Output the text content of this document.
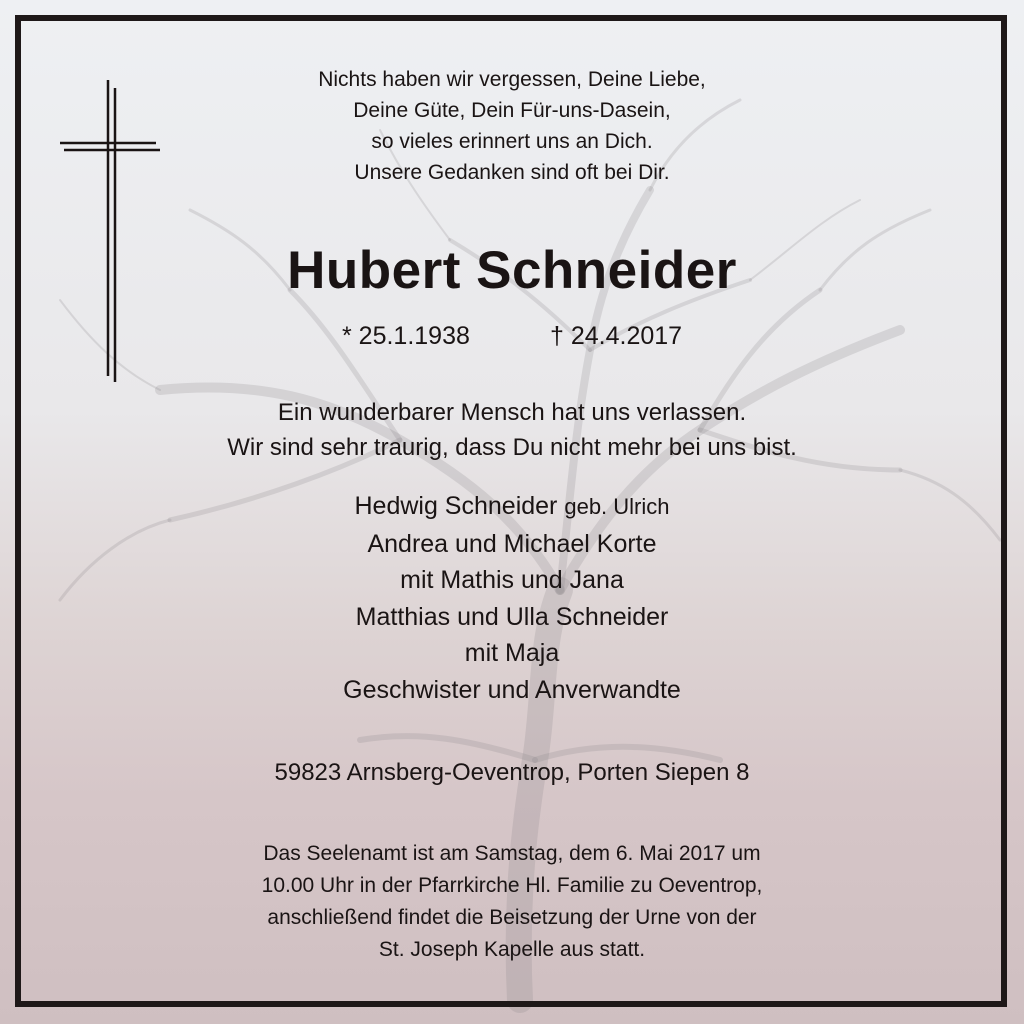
Nichts haben wir vergessen, Deine Liebe,
Deine Güte, Dein Für-uns-Dasein,
so vieles erinnert uns an Dich.
Unsere Gedanken sind oft bei Dir.
Hubert Schneider
* 25.1.1938	† 24.4.2017
Ein wunderbarer Mensch hat uns verlassen.
Wir sind sehr traurig, dass Du nicht mehr bei uns bist.
Hedwig Schneider geb. Ulrich
Andrea und Michael Korte
mit Mathis und Jana
Matthias und Ulla Schneider
mit Maja
Geschwister und Anverwandte
59823 Arnsberg-Oeventrop, Porten Siepen 8
Das Seelenamt ist am Samstag, dem 6. Mai 2017 um
10.00 Uhr in der Pfarrkirche Hl. Familie zu Oeventrop,
anschließend findet die Beisetzung der Urne von der
St. Joseph Kapelle aus statt.
